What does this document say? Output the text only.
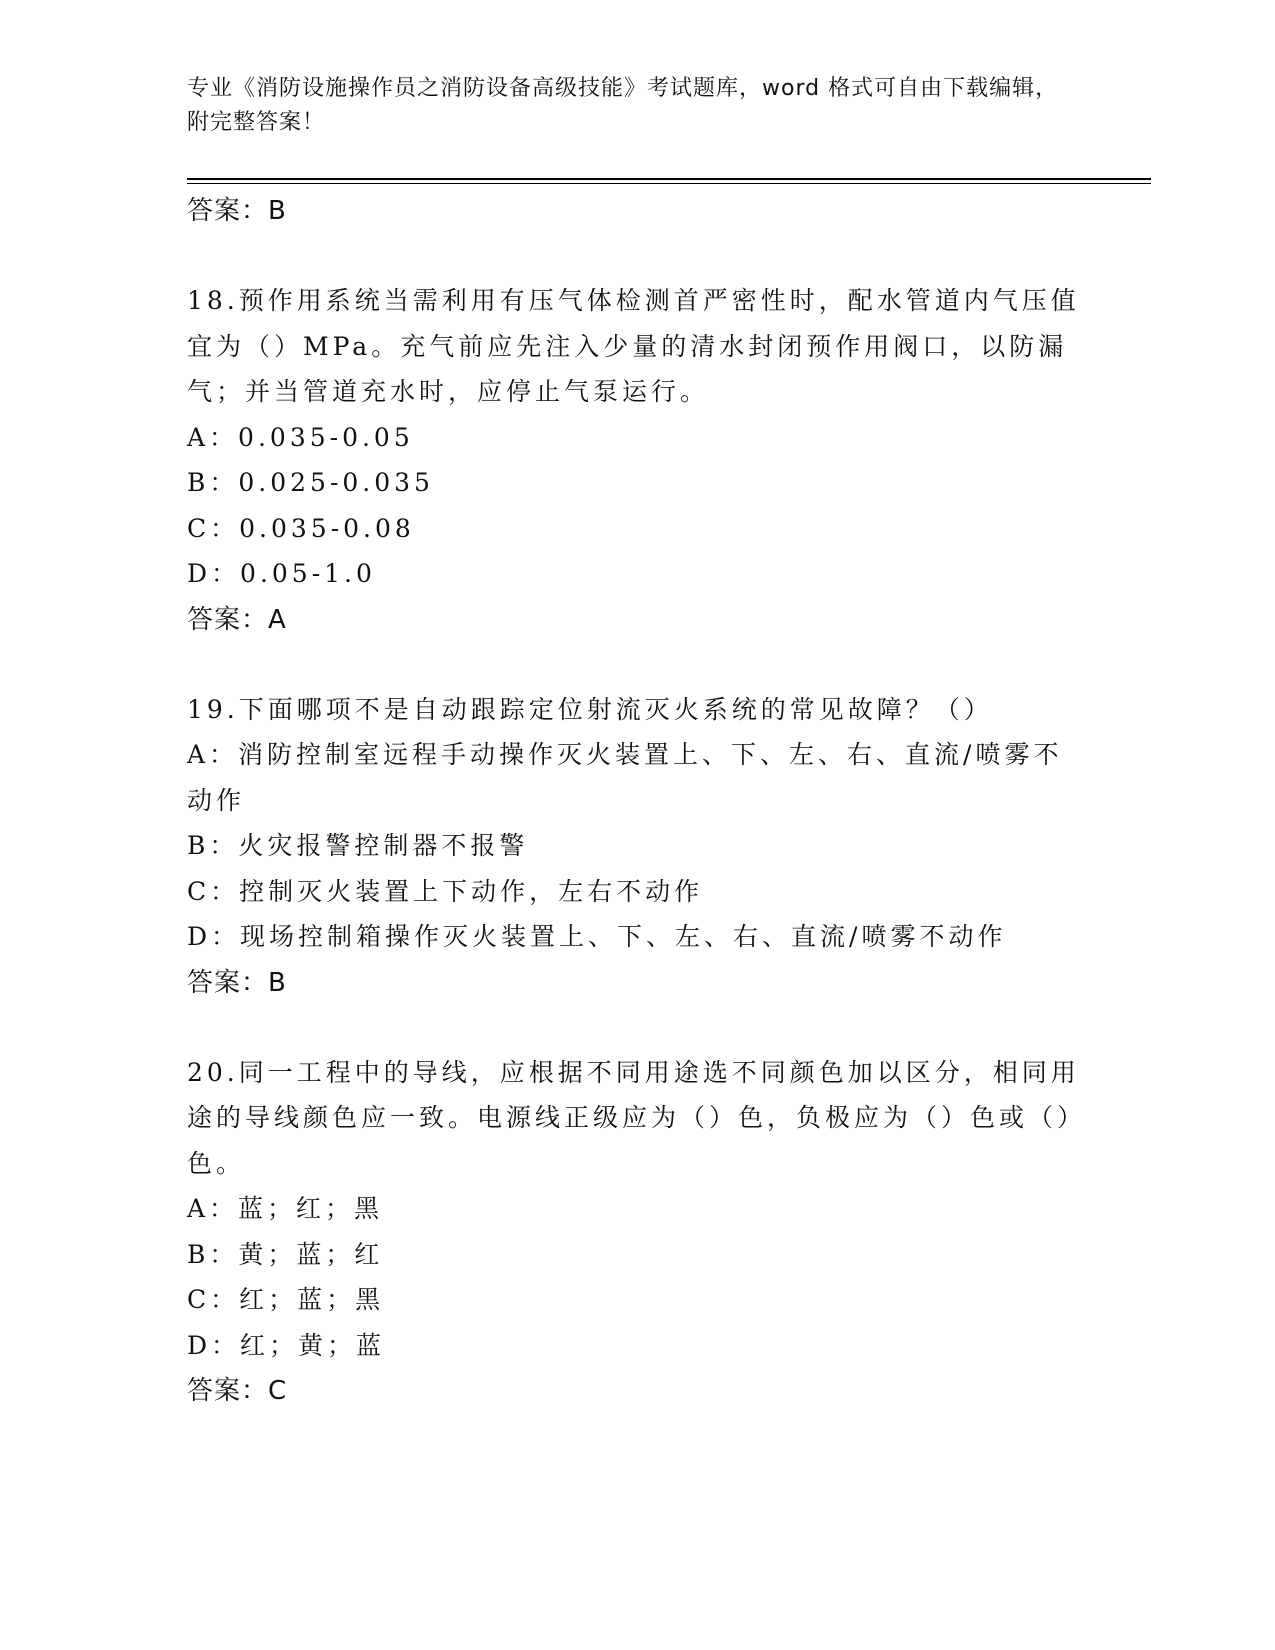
专业《消防设施操作员之消防设备高级技能》考试题库，word 格式可自由下载编辑，附完整答案！
答案：B
18.预作用系统当需利用有压气体检测首严密性时，配水管道内气压值宜为（）MPa。充气前应先注入少量的清水封闭预作用阀口，以防漏气；并当管道充水时，应停止气泵运行。
A：0.035-0.05
B：0.025-0.035
C：0.035-0.08
D：0.05-1.0
答案：A
19.下面哪项不是自动跟踪定位射流灭火系统的常见故障？（）
A：消防控制室远程手动操作灭火装置上、下、左、右、直流/喷雾不动作
B：火灾报警控制器不报警
C：控制灭火装置上下动作，左右不动作
D：现场控制箱操作灭火装置上、下、左、右、直流/喷雾不动作
答案：B
20.同一工程中的导线，应根据不同用途选不同颜色加以区分，相同用途的导线颜色应一致。电源线正级应为（）色，负极应为（）色或（）色。
A：蓝；红；黑
B：黄；蓝；红
C：红；蓝；黑
D：红；黄；蓝
答案：C
